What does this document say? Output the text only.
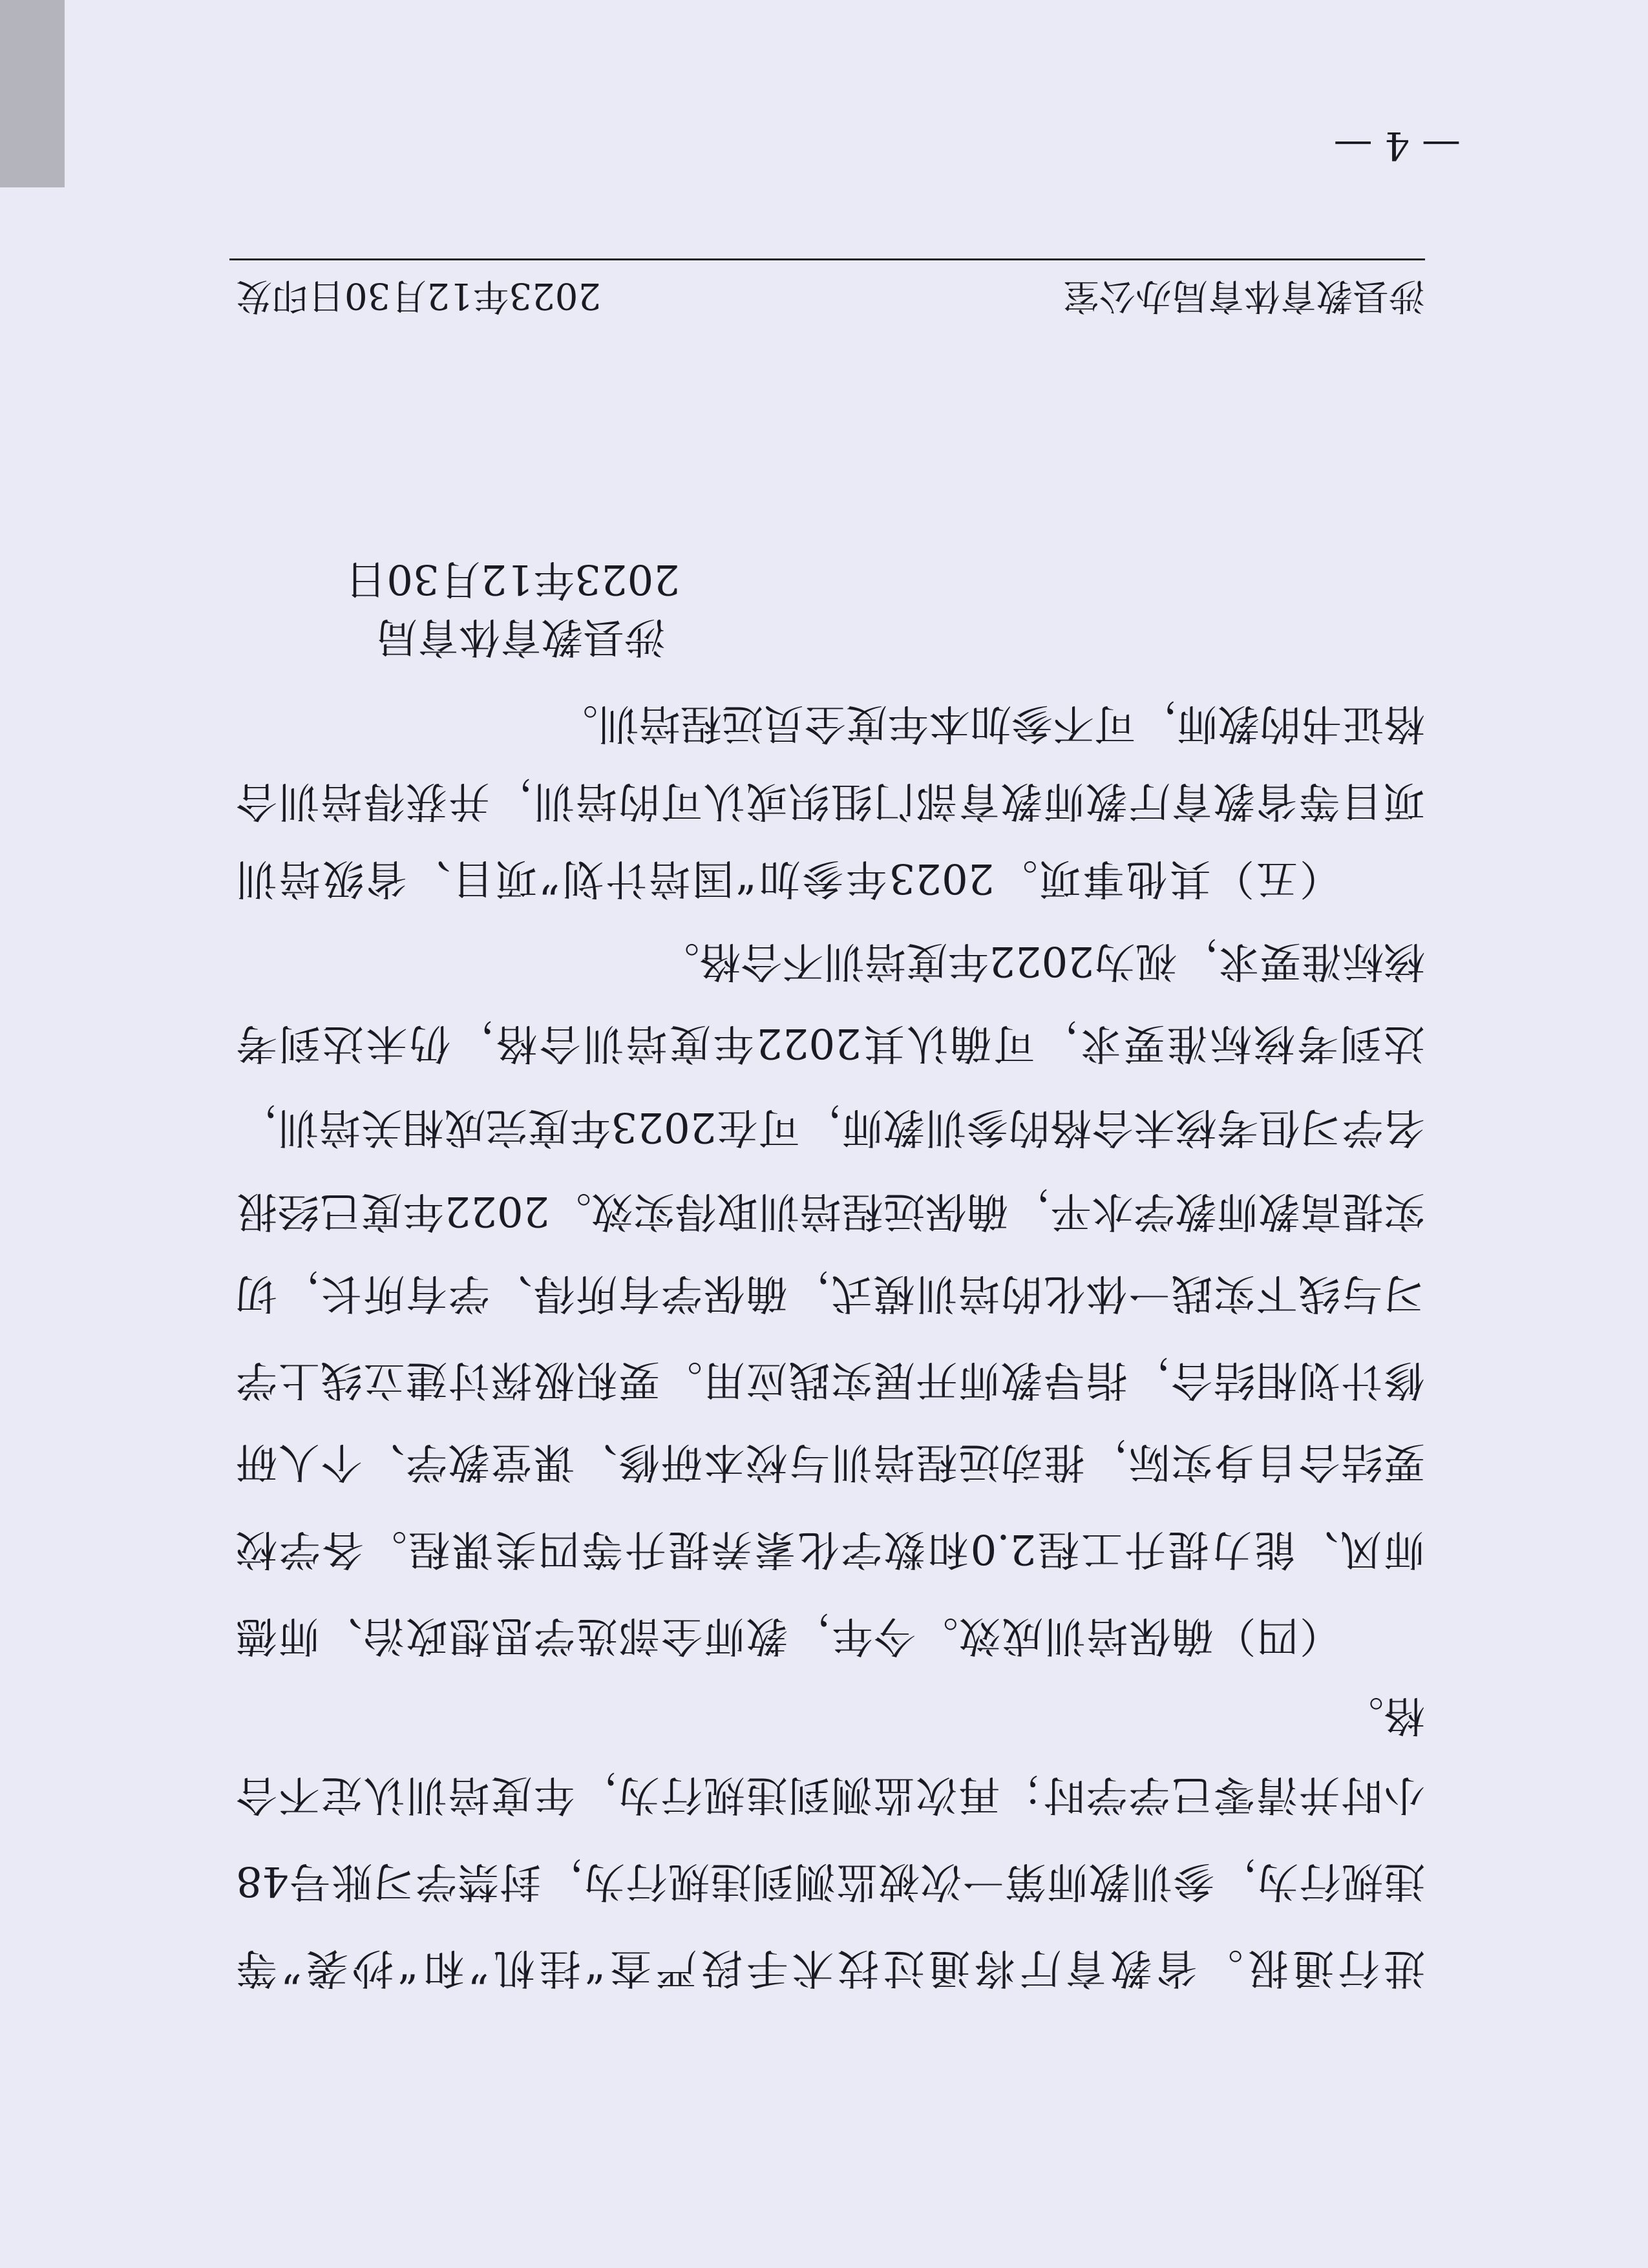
进行通报。省教育厅将通过技术手段严查“挂机”和“抄袭”等
违规行为，参训教师第一次被监测到违规行为，封禁学习账号48
小时并清零已学学时；再次监测到违规行为，年度培训认定不合
格。
（四）确保培训成效。今年，教师全部选学思想政治、师德
师风、能力提升工程2.0和数字化素养提升等四类课程。各学校
要结合自身实际，推动远程培训与校本研修、课堂教学、个人研
修计划相结合，指导教师开展实践应用。要积极探讨建立线上学
习与线下实践一体化的培训模式，确保学有所得、学有所长，切
实提高教师教学水平，确保远程培训取得实效。2022年度已经报
名学习但考核未合格的参训教师，可在2023年度完成相关培训，
达到考核标准要求，可确认其2022年度培训合格，仍未达到考
核标准要求，视为2022年度培训不合格。
（五）其他事项。2023年参加“国培计划”项目、省级培训
项目等省教育厅教师教育部门组织或认可的培训，并获得培训合
格证书的教师，可不参加本年度全员远程培训。
涉县教育体育局
2023年12月30日
涉县教育体育局办公室
2023年12月30日印发
— 4 —
